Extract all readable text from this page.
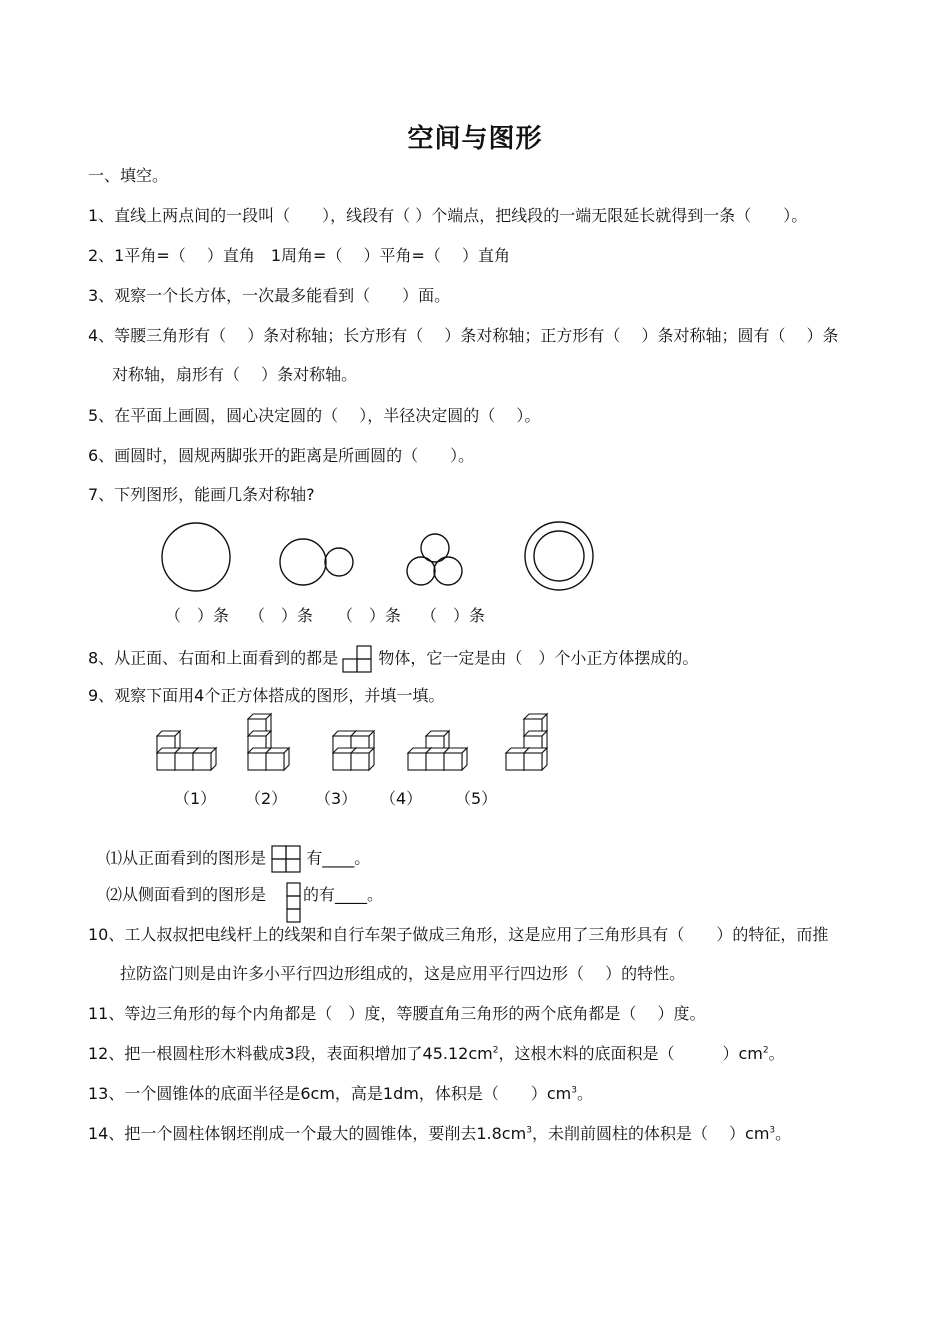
空间与图形
一、填空。
1、直线上两点间的一段叫（　　），线段有（ ）个端点，把线段的一端无限延长就得到一条（　　）。
2、1平角=（　 ）直角　1周角=（　 ）平角=（　 ）直角
3、观察一个长方体，一次最多能看到（　　）面。
4、等腰三角形有（　 ）条对称轴；长方形有（　 ）条对称轴；正方形有（　 ）条对称轴；圆有（　 ）条
对称轴，扇形有（　 ）条对称轴。
5、在平面上画圆，圆心决定圆的（　 ），半径决定圆的（　 ）。
6、画圆时，圆规两脚张开的距离是所画圆的（　　）。
7、下列图形，能画几条对称轴?
（　）条 （　）条 （　）条 （　）条
8、从正面、右面和上面看到的都是	物体，它一定是由（　）个小正方体摆成的。
9、观察下面用4个正方体搭成的图形，并填一填。
（1） （2） （3） （4） （5）
⑴从正面看到的图形是	有____。
⑵从侧面看到的图形是 的有____。
10、工人叔叔把电线杆上的线架和自行车架子做成三角形，这是应用了三角形具有（　　）的特征，而推
拉防盗门则是由许多小平行四边形组成的，这是应用平行四边形（　 ）的特性。
11、等边三角形的每个内角都是（　）度，等腰直角三角形的两个底角都是（　 ）度。
12、把一根圆柱形木料截成3段，表面积增加了$45.12cm^2$，这根木料的底面积是（　　　）$cm^2$。
13、一个圆锥体的底面半径是6cm，高是1dm，体积是（　　）$cm^3$。
14、把一个圆柱体钢坯削成一个最大的圆锥体，要削去$1.8cm^3$，未削前圆柱的体积是（　 ）$cm^3$。
